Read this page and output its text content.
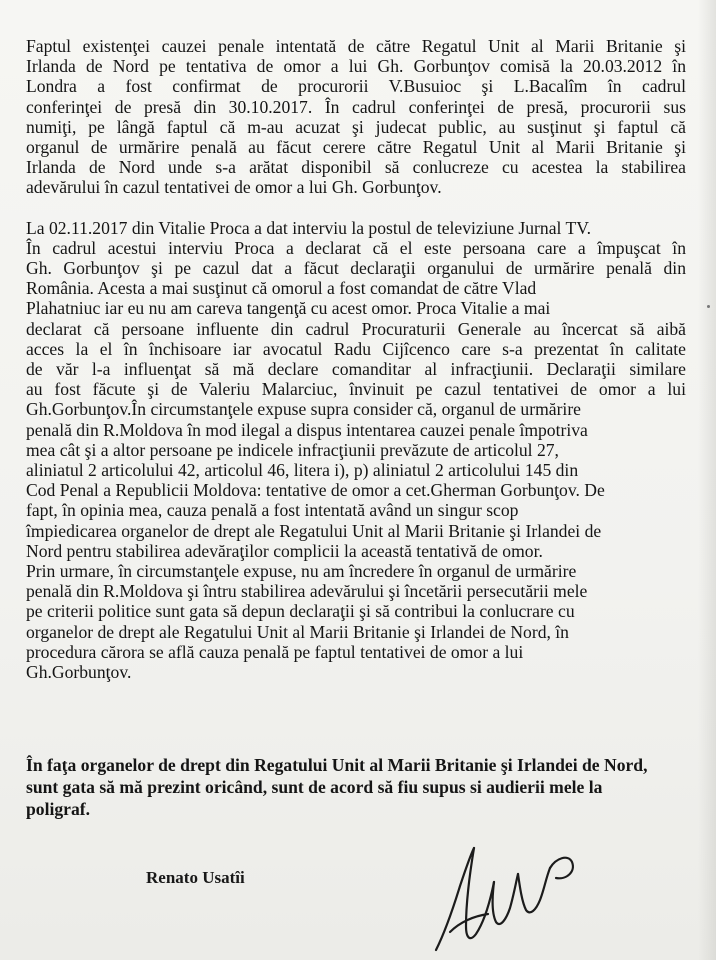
Faptul existenţei cauzei penale intentată de către Regatul Unit al Marii Britanie şi
Irlanda de Nord pe tentativa de omor a lui Gh. Gorbunţov comisă la 20.03.2012 în
Londra a fost confirmat de procurorii V.Busuioc şi L.Bacalîm în cadrul
conferinţei de presă din 30.10.2017. În cadrul conferinţei de presă, procurorii sus
numiţi, pe lângă faptul că m-au acuzat şi judecat public, au susţinut şi faptul că
organul de urmărire penală au făcut cerere către Regatul Unit al Marii Britanie şi
Irlanda de Nord unde s-a arătat disponibil să conlucreze cu acestea la stabilirea
adevărului în cazul tentativei de omor a lui Gh. Gorbunţov.
La 02.11.2017 din Vitalie Proca a dat interviu la postul de televiziune Jurnal TV.
În cadrul acestui interviu Proca a declarat că el este persoana care a împuşcat în
Gh. Gorbunţov şi pe cazul dat a făcut declaraţii organului de urmărire penală din
România. Acesta a mai susţinut că omorul a fost comandat de către Vlad
Plahatniuc iar eu nu am careva tangenţă cu acest omor. Proca Vitalie a mai
declarat că persoane influente din cadrul Procuraturii Generale au încercat să aibă
acces la el în închisoare iar avocatul Radu Cijîcenco care s-a prezentat în calitate
de văr l-a influenţat să mă declare comanditar al infracţiunii. Declaraţii similare
au fost făcute şi de Valeriu Malarciuc, învinuit pe cazul tentativei de omor a lui
Gh.Gorbunţov.În circumstanţele expuse supra consider că, organul de urmărire
penală din R.Moldova în mod ilegal a dispus intentarea cauzei penale împotriva
mea cât şi a altor persoane pe indicele infracţiunii prevăzute de articolul 27,
aliniatul 2 articolului 42, articolul 46, litera i), p) aliniatul 2 articolului 145 din
Cod Penal a Republicii Moldova: tentative de omor a cet.Gherman Gorbunţov. De
fapt, în opinia mea, cauza penală a fost intentată având un singur scop
împiedicarea organelor de drept ale Regatului Unit al Marii Britanie şi Irlandei de
Nord pentru stabilirea adevăraţilor complicii la această tentativă de omor.
Prin urmare, în circumstanţele expuse, nu am încredere în organul de urmărire
penală din R.Moldova şi întru stabilirea adevărului şi încetării persecutării mele
pe criterii politice sunt gata să depun declaraţii şi să contribui la conlucrare cu
organelor de drept ale Regatului Unit al Marii Britanie şi Irlandei de Nord, în
procedura cărora se află cauza penală pe faptul tentativei de omor a lui
Gh.Gorbunţov.
În faţa organelor de drept din Regatului Unit al Marii Britanie şi Irlandei de Nord,
sunt gata să mă prezint oricând, sunt de acord să fiu supus si audierii mele la
poligraf.
Renato Usatîi
